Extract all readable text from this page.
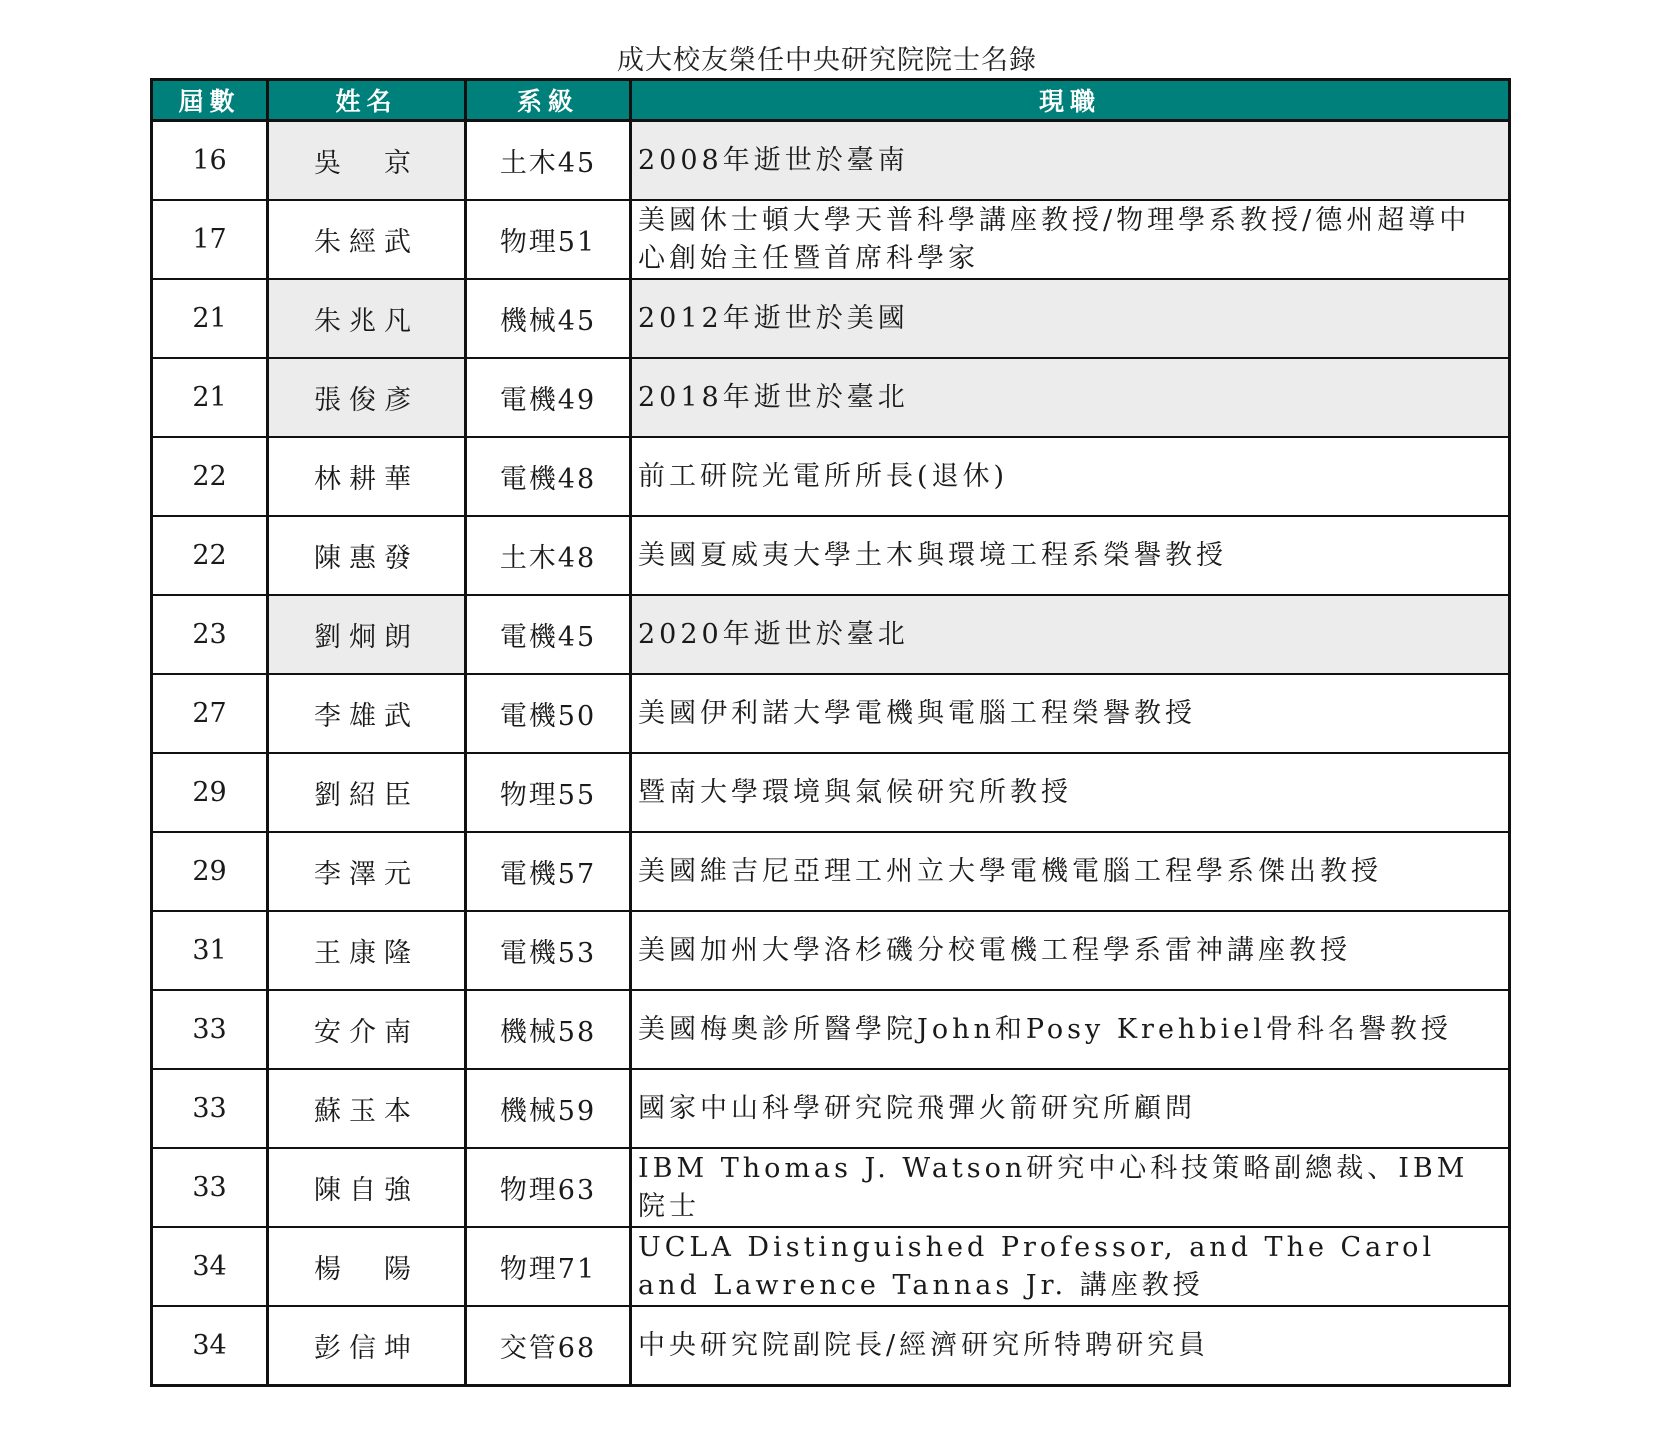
成大校友榮任中央研究院院士名錄
屆數	姓名	系級	現職
16	吳　京	土木45	2008年逝世於臺南
17	朱經武	物理51	美國休士頓大學天普科學講座教授/物理學系教授/德州超導中心創始主任暨首席科學家
21	朱兆凡	機械45	2012年逝世於美國
21	張俊彥	電機49	2018年逝世於臺北
22	林耕華	電機48	前工研院光電所所長(退休)
22	陳惠發	土木48	美國夏威夷大學土木與環境工程系榮譽教授
23	劉炯朗	電機45	2020年逝世於臺北
27	李雄武	電機50	美國伊利諾大學電機與電腦工程榮譽教授
29	劉紹臣	物理55	暨南大學環境與氣候研究所教授
29	李澤元	電機57	美國維吉尼亞理工州立大學電機電腦工程學系傑出教授
31	王康隆	電機53	美國加州大學洛杉磯分校電機工程學系雷神講座教授
33	安介南	機械58	美國梅奧診所醫學院John和Posy Krehbiel骨科名譽教授
33	蘇玉本	機械59	國家中山科學研究院飛彈火箭研究所顧問
33	陳自強	物理63	IBM Thomas J. Watson研究中心科技策略副總裁、IBM院士
34	楊　陽	物理71	UCLA Distinguished Professor, and The Carol and Lawrence Tannas Jr. 講座教授
34	彭信坤	交管68	中央研究院副院長/經濟研究所特聘研究員
